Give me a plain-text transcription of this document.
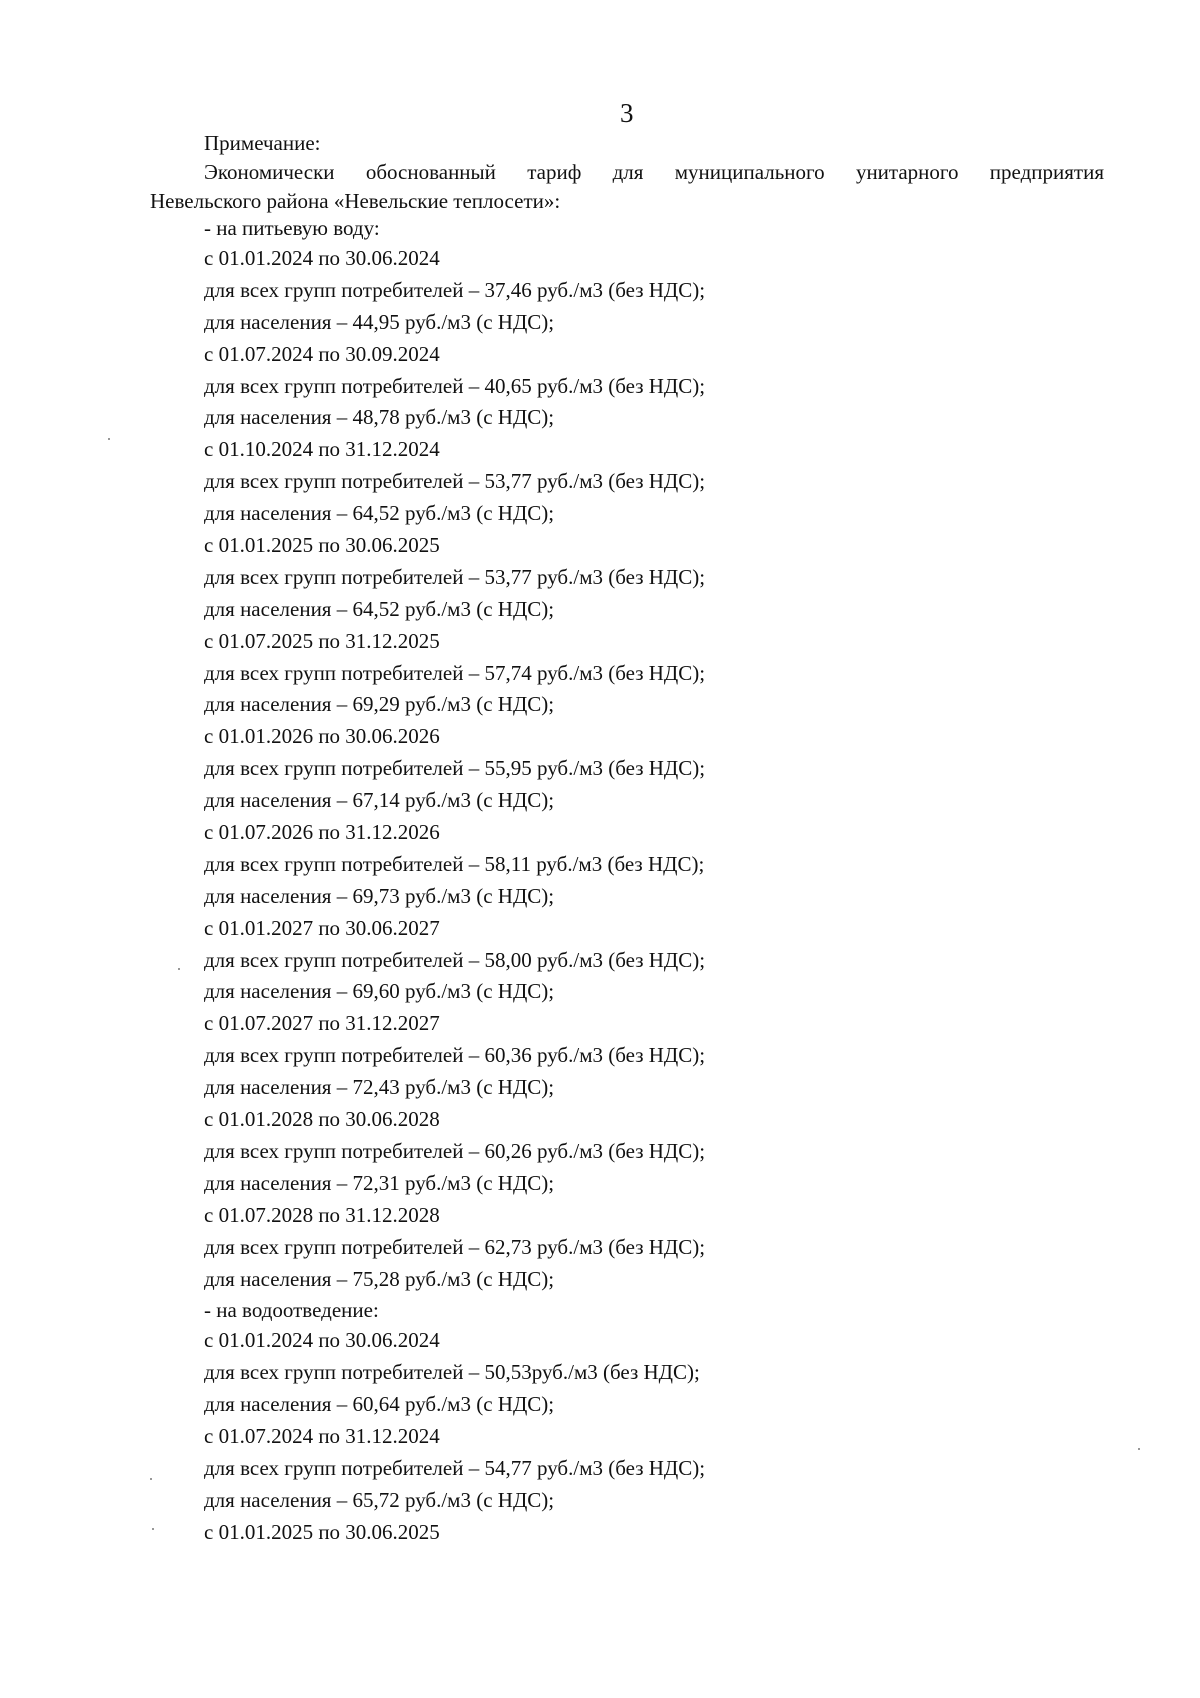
3
Примечание:
Экономически обоснованный тариф для муниципального унитарного предприятия
Невельского района «Невельские теплосети»:
- на питьевую воду:
с 01.01.2024 по 30.06.2024
для всех групп потребителей – 37,46 руб./м3 (без НДС);
для населения – 44,95 руб./м3 (с НДС);
с 01.07.2024 по 30.09.2024
для всех групп потребителей – 40,65 руб./м3 (без НДС);
для населения – 48,78 руб./м3 (с НДС);
с 01.10.2024 по 31.12.2024
для всех групп потребителей – 53,77 руб./м3 (без НДС);
для населения – 64,52 руб./м3 (с НДС);
с 01.01.2025 по 30.06.2025
для всех групп потребителей – 53,77 руб./м3 (без НДС);
для населения – 64,52 руб./м3 (с НДС);
с 01.07.2025 по 31.12.2025
для всех групп потребителей – 57,74 руб./м3 (без НДС);
для населения – 69,29 руб./м3 (с НДС);
с 01.01.2026 по 30.06.2026
для всех групп потребителей – 55,95 руб./м3 (без НДС);
для населения – 67,14 руб./м3 (с НДС);
с 01.07.2026 по 31.12.2026
для всех групп потребителей – 58,11 руб./м3 (без НДС);
для населения – 69,73 руб./м3 (с НДС);
с 01.01.2027 по 30.06.2027
для всех групп потребителей – 58,00 руб./м3 (без НДС);
для населения – 69,60 руб./м3 (с НДС);
с 01.07.2027 по 31.12.2027
для всех групп потребителей – 60,36 руб./м3 (без НДС);
для населения – 72,43 руб./м3 (с НДС);
с 01.01.2028 по 30.06.2028
для всех групп потребителей – 60,26 руб./м3 (без НДС);
для населения – 72,31 руб./м3 (с НДС);
с 01.07.2028 по 31.12.2028
для всех групп потребителей – 62,73 руб./м3 (без НДС);
для населения – 75,28 руб./м3 (с НДС);
- на водоотведение:
с 01.01.2024 по 30.06.2024
для всех групп потребителей – 50,53руб./м3 (без НДС);
для населения – 60,64 руб./м3 (с НДС);
с 01.07.2024 по 31.12.2024
для всех групп потребителей – 54,77 руб./м3 (без НДС);
для населения – 65,72 руб./м3 (с НДС);
с 01.01.2025 по 30.06.2025
